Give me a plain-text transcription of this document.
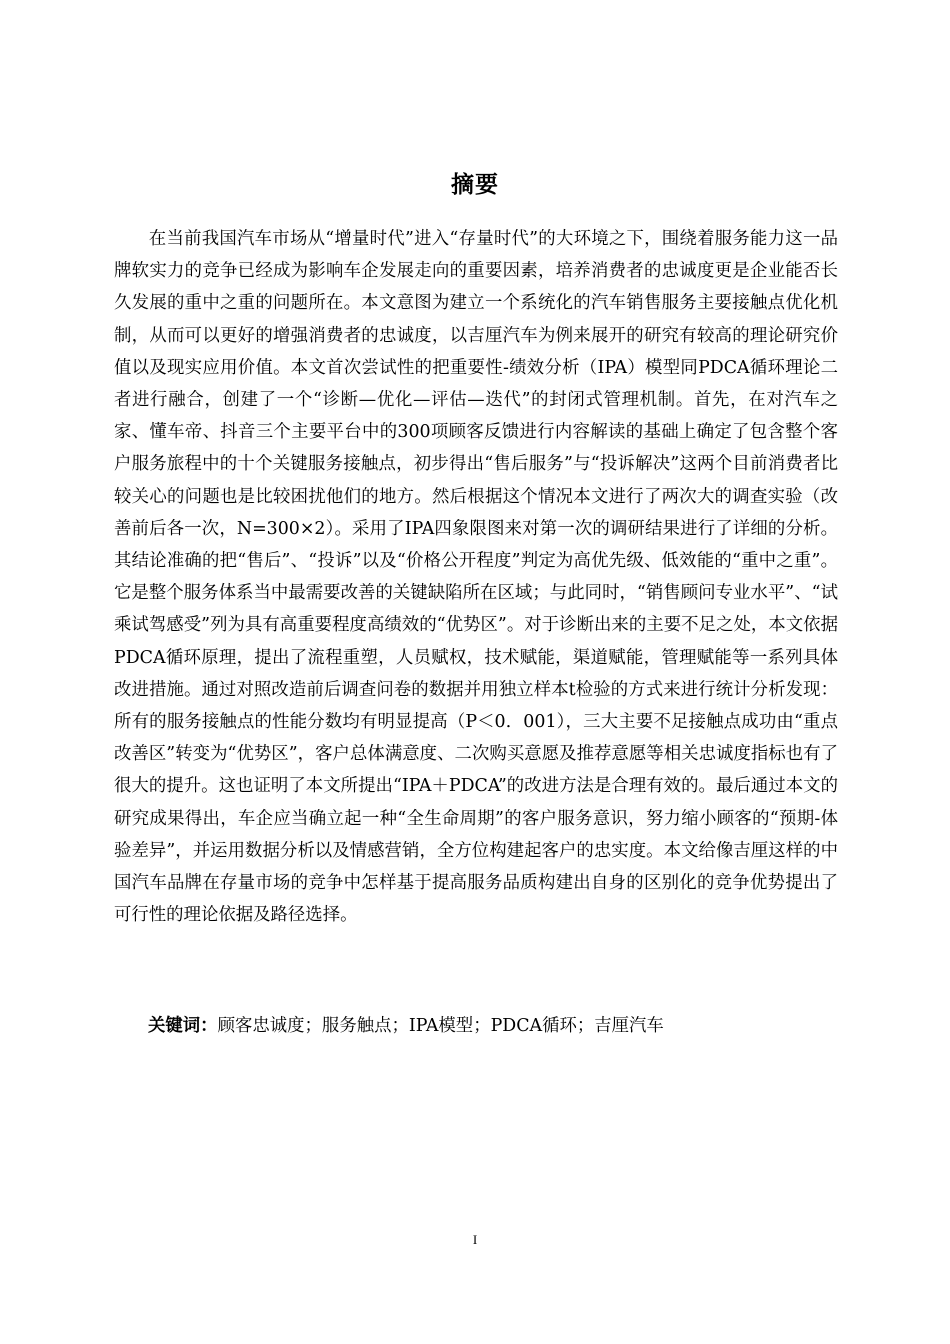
摘要

在当前我国汽车市场从“增量时代”进入“存量时代”的大环境之下，围绕着服务能力这一品牌软实力的竞争已经成为影响车企发展走向的重要因素，培养消费者的忠诚度更是企业能否长久发展的重中之重的问题所在。本文意图为建立一个系统化的汽车销售服务主要接触点优化机制，从而可以更好的增强消费者的忠诚度，以吉厘汽车为例来展开的研究有较高的理论研究价值以及现实应用价值。本文首次尝试性的把重要性-绩效分析（IPA）模型同PDCA循环理论二者进行融合，创建了一个“诊断—优化—评估—迭代”的封闭式管理机制。首先，在对汽车之家、懂车帝、抖音三个主要平台中的300项顾客反馈进行内容解读的基础上确定了包含整个客户服务旅程中的十个关键服务接触点，初步得出“售后服务”与“投诉解决”这两个目前消费者比较关心的问题也是比较困扰他们的地方。然后根据这个情况本文进行了两次大的调查实验（改善前后各一次，N=300×2）。采用了IPA四象限图来对第一次的调研结果进行了详细的分析。其结论准确的把“售后”、“投诉”以及“价格公开程度”判定为高优先级、低效能的“重中之重”。它是整个服务体系当中最需要改善的关键缺陷所在区域；与此同时，“销售顾问专业水平”、“试乘试驾感受”列为具有高重要程度高绩效的“优势区”。对于诊断出来的主要不足之处，本文依据PDCA循环原理，提出了流程重塑，人员赋权，技术赋能，渠道赋能，管理赋能等一系列具体改进措施。通过对照改造前后调查问卷的数据并用独立样本t检验的方式来进行统计分析发现：所有的服务接触点的性能分数均有明显提高（P＜0．001），三大主要不足接触点成功由“重点改善区”转变为“优势区”，客户总体满意度、二次购买意愿及推荐意愿等相关忠诚度指标也有了很大的提升。这也证明了本文所提出“IPA＋PDCA”的改进方法是合理有效的。最后通过本文的研究成果得出，车企应当确立起一种“全生命周期”的客户服务意识，努力缩小顾客的“预期-体验差异”，并运用数据分析以及情感营销，全方位构建起客户的忠实度。本文给像吉厘这样的中国汽车品牌在存量市场的竞争中怎样基于提高服务品质构建出自身的区别化的竞争优势提出了可行性的理论依据及路径选择。

关键词：顾客忠诚度；服务触点；IPA模型；PDCA循环；吉厘汽车

I
